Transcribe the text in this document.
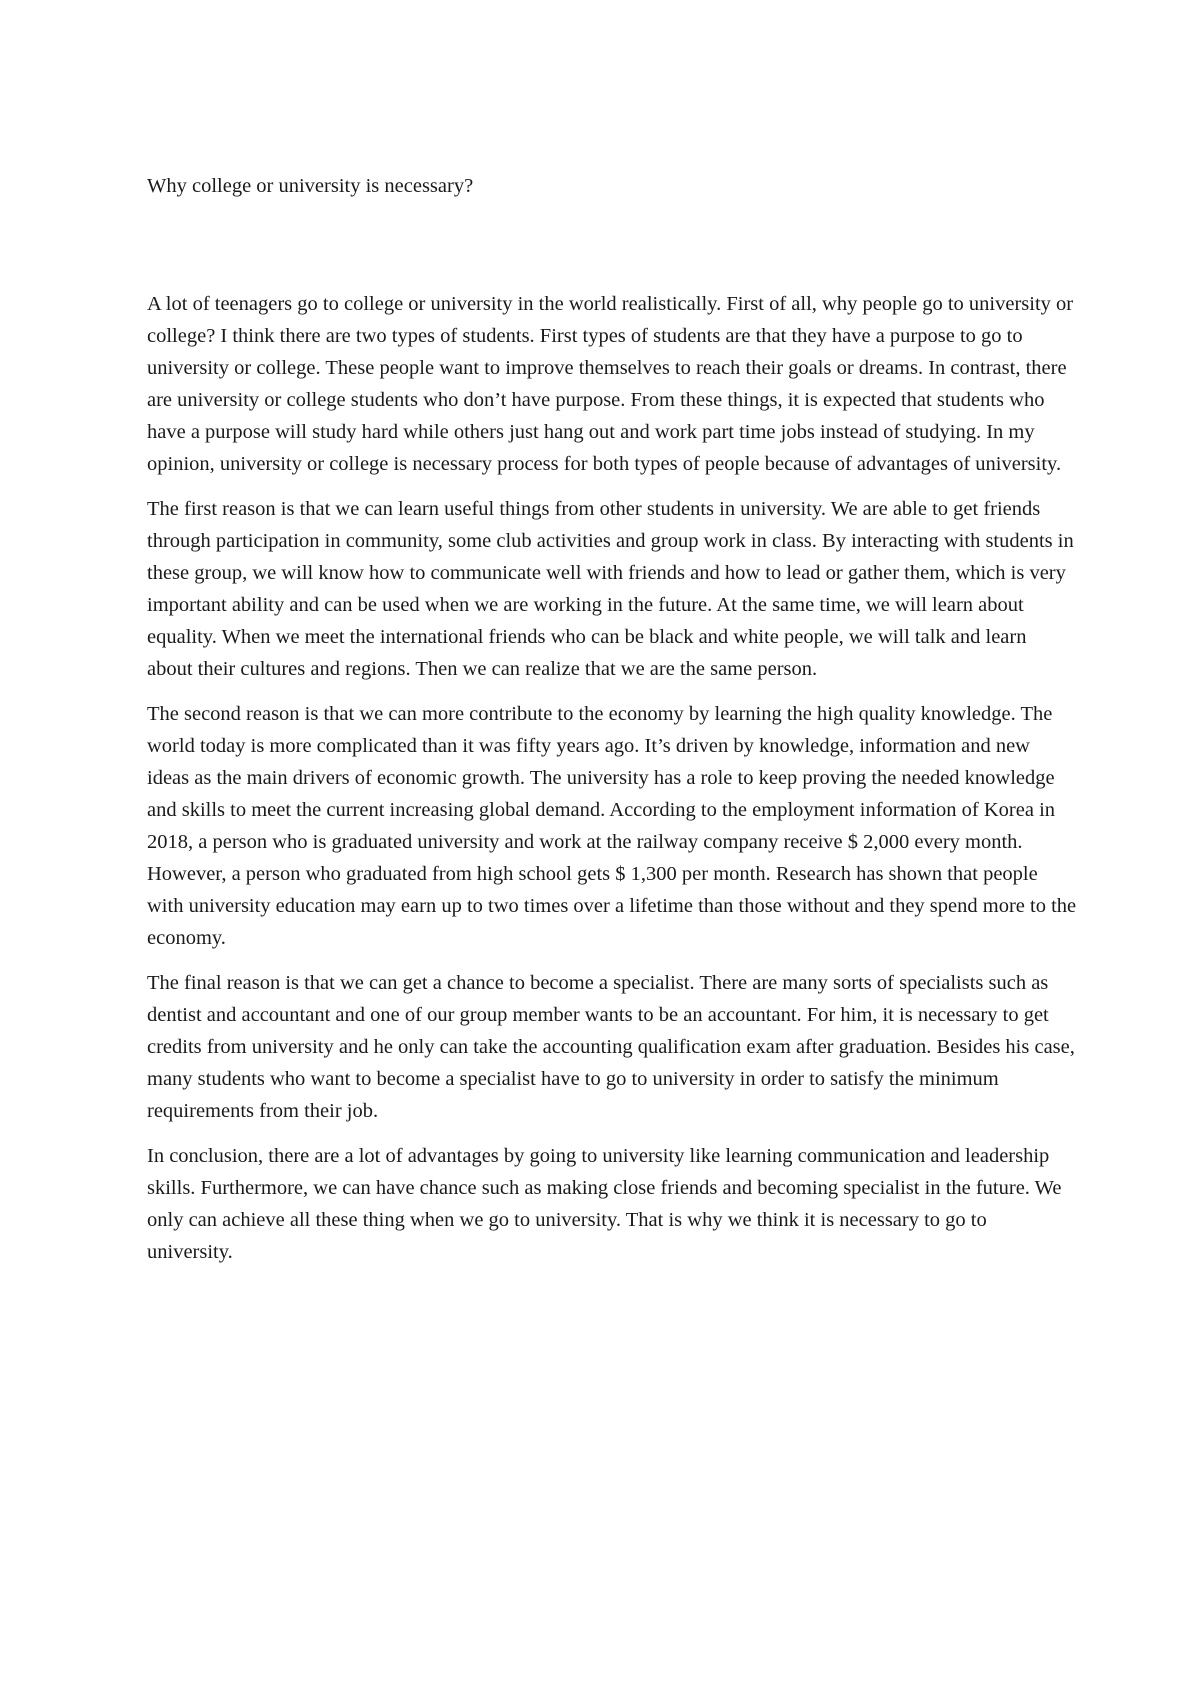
Why college or university is necessary?

A lot of teenagers go to college or university in the world realistically. First of all, why people go to university or college? I think there are two types of students. First types of students are that they have a purpose to go to university or college. These people want to improve themselves to reach their goals or dreams. In contrast, there are university or college students who don’t have purpose. From these things, it is expected that students who have a purpose will study hard while others just hang out and work part time jobs instead of studying. In my opinion, university or college is necessary process for both types of people because of advantages of university.

The first reason is that we can learn useful things from other students in university. We are able to get friends through participation in community, some club activities and group work in class. By interacting with students in these group, we will know how to communicate well with friends and how to lead or gather them, which is very important ability and can be used when we are working in the future. At the same time, we will learn about equality. When we meet the international friends who can be black and white people, we will talk and learn about their cultures and regions. Then we can realize that we are the same person.

The second reason is that we can more contribute to the economy by learning the high quality knowledge. The world today is more complicated than it was fifty years ago. It’s driven by knowledge, information and new ideas as the main drivers of economic growth. The university has a role to keep proving the needed knowledge and skills to meet the current increasing global demand. According to the employment information of Korea in 2018, a person who is graduated university and work at the railway company receive $ 2,000 every month. However, a person who graduated from high school gets $ 1,300 per month. Research has shown that people with university education may earn up to two times over a lifetime than those without and they spend more to the economy.

The final reason is that we can get a chance to become a specialist. There are many sorts of specialists such as dentist and accountant and one of our group member wants to be an accountant. For him, it is necessary to get credits from university and he only can take the accounting qualification exam after graduation. Besides his case, many students who want to become a specialist have to go to university in order to satisfy the minimum requirements from their job.

In conclusion, there are a lot of advantages by going to university like learning communication and leadership skills. Furthermore, we can have chance such as making close friends and becoming specialist in the future. We only can achieve all these thing when we go to university. That is why we think it is necessary to go to university.
